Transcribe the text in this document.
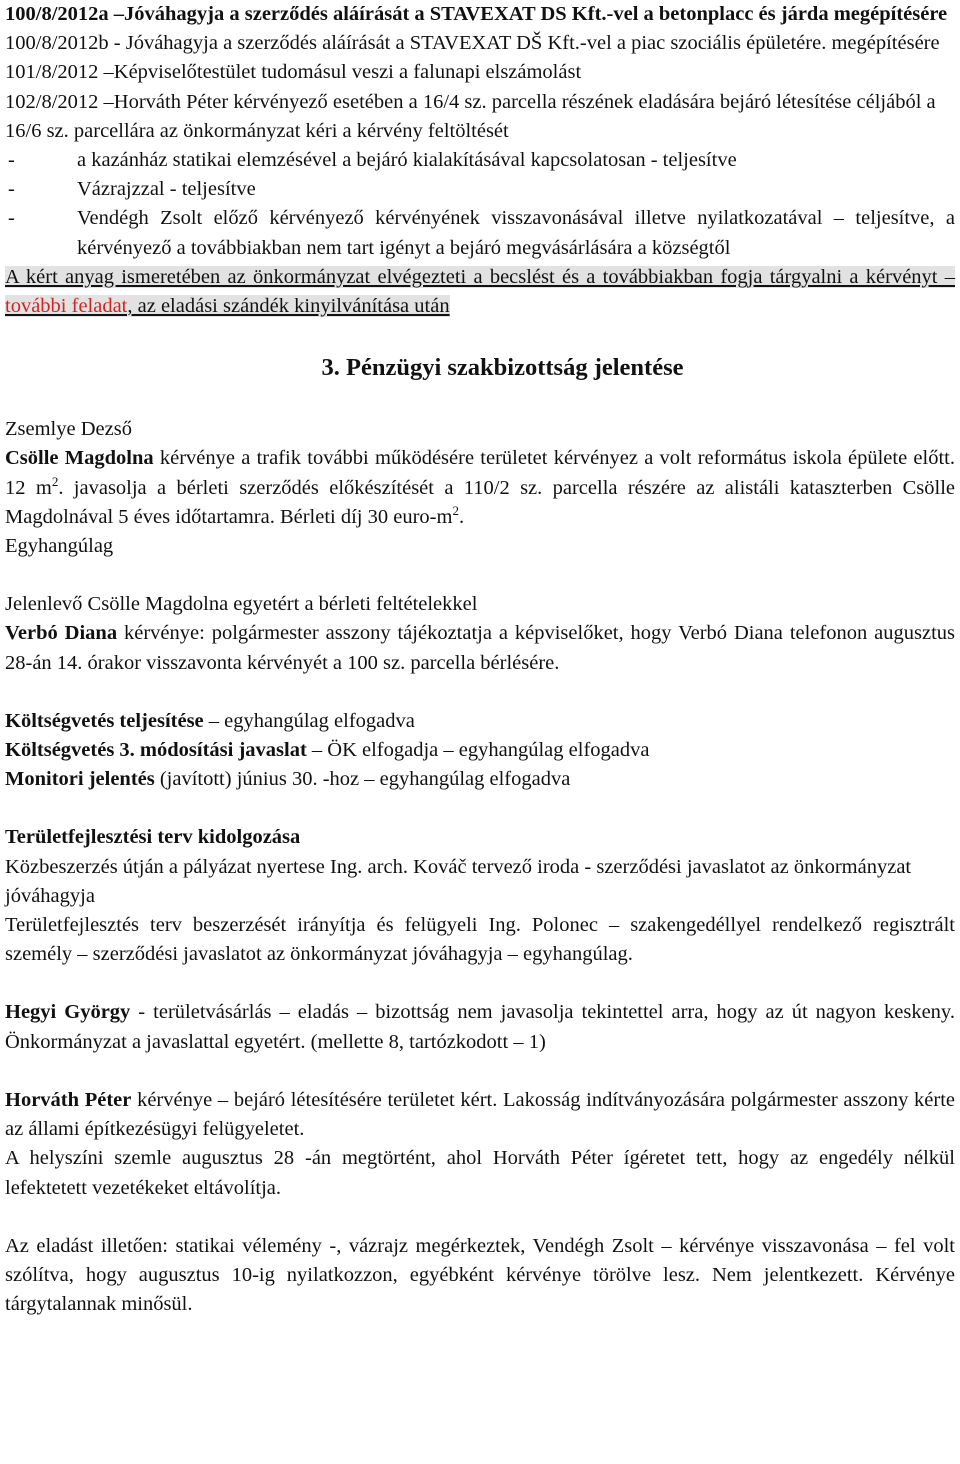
100/8/2012a –Jóváhagyja a szerződés aláírását a STAVEXAT DS Kft.-vel a betonplacc és járda megépítésére

100/8/2012b - Jóváhagyja a szerződés aláírását a STAVEXAT DŠ Kft.-vel a piac szociális épületére. megépítésére

101/8/2012 –Képviselőtestület tudomásul veszi a falunapi elszámolást

102/8/2012 –Horváth Péter kérvényező esetében a 16/4 sz. parcella részének eladására bejáró létesítése céljából a 16/6 sz. parcellára az önkormányzat kéri a kérvény feltöltését

-	a kazánház statikai elemzésével a bejáró kialakításával kapcsolatosan - teljesítve
-	Vázrajzzal - teljesítve
-	Vendégh Zsolt előző kérvényező kérvényének visszavonásával illetve nyilatkozatával – teljesítve, a kérvényező a továbbiakban nem tart igényt a bejáró megvásárlására a községtől

A kért anyag ismeretében az önkormányzat elvégezteti a becslést és a továbbiakban fogja tárgyalni a kérvényt – további feladat, az eladási szándék kinyilvánítása után

3. Pénzügyi szakbizottság jelentése

Zsemlye Dezső

Csölle Magdolna kérvénye a trafik további működésére területet kérvényez a volt református iskola épülete előtt. 12 $m^2$. javasolja a bérleti szerződés előkészítését a 110/2 sz. parcella részére az alistáli kataszterben Csölle Magdolnával 5 éves időtartamra. Bérleti díj 30 euro-$m^2$.

Egyhangúlag

Jelenlevő Csölle Magdolna egyetért a bérleti feltételekkel

Verbó Diana kérvénye: polgármester asszony tájékoztatja a képviselőket, hogy Verbó Diana telefonon augusztus 28-án 14. órakor visszavonta kérvényét a 100 sz. parcella bérlésére.

Költségvetés teljesítése – egyhangúlag elfogadva

Költségvetés 3. módosítási javaslat – ÖK elfogadja – egyhangúlag elfogadva

Monitori jelentés (javított) június 30. -hoz – egyhangúlag elfogadva

Területfejlesztési terv kidolgozása

Közbeszerzés útján a pályázat nyertese Ing. arch. Kováč tervező iroda - szerződési javaslatot az önkormányzat jóváhagyja

Területfejlesztés terv beszerzését irányítja és felügyeli Ing. Polonec – szakengedéllyel rendelkező regisztrált személy – szerződési javaslatot az önkormányzat jóváhagyja – egyhangúlag.

Hegyi György - területvásárlás – eladás – bizottság nem javasolja tekintettel arra, hogy az út nagyon keskeny. Önkormányzat a javaslattal egyetért. (mellette 8, tartózkodott – 1)

Horváth Péter kérvénye – bejáró létesítésére területet kért. Lakosság indítványozására polgármester asszony kérte az állami építkezésügyi felügyeletet.

A helyszíni szemle augusztus 28 -án megtörtént, ahol Horváth Péter ígéretet tett, hogy az engedély nélkül lefektetett vezetékeket eltávolítja.

Az eladást illetően: statikai vélemény -, vázrajz megérkeztek, Vendégh Zsolt – kérvénye visszavonása – fel volt szólítva, hogy augusztus 10-ig nyilatkozzon, egyébként kérvénye törölve lesz. Nem jelentkezett. Kérvénye tárgytalannak minősül.
